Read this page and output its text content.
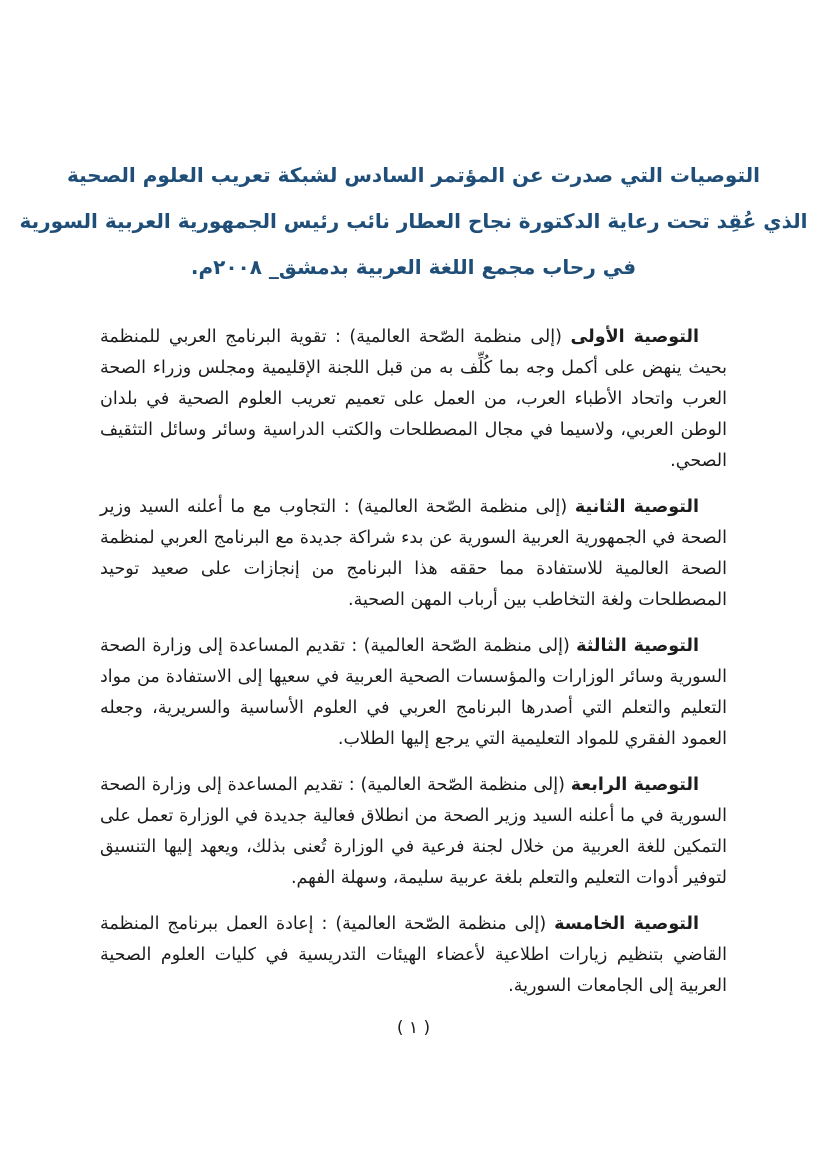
التوصيات التي صدرت عن المؤتمر السادس لشبكة تعريب العلوم الصحية
الذي عُقِد تحت رعاية الدكتورة نجاح العطار نائب رئيس الجمهورية العربية السورية
في رحاب مجمع اللغة العربية بدمشق_ ٢٠٠٨م.

التوصية الأولى (إلى منظمة الصّحة العالمية) : تقوية البرنامج العربي للمنظمة بحيث ينهض على أكمل وجه بما كُلِّف به من قبل اللجنة الإقليمية ومجلس وزراء الصحة العرب واتحاد الأطباء العرب، من العمل على تعميم تعريب العلوم الصحية في بلدان الوطن العربي، ولاسيما في مجال المصطلحات والكتب الدراسية وسائر وسائل التثقيف الصحي.

التوصية الثانية (إلى منظمة الصّحة العالمية) : التجاوب مع ما أعلنه السيد وزير الصحة في الجمهورية العربية السورية عن بدء شراكة جديدة مع البرنامج العربي لمنظمة الصحة العالمية للاستفادة مما حققه هذا البرنامج من إنجازات على صعيد توحيد المصطلحات ولغة التخاطب بين أرباب المهن الصحية.

التوصية الثالثة (إلى منظمة الصّحة العالمية) : تقديم المساعدة إلى وزارة الصحة السورية وسائر الوزارات والمؤسسات الصحية العربية في سعيها إلى الاستفادة من مواد التعليم والتعلم التي أصدرها البرنامج العربي في العلوم الأساسية والسريرية، وجعله العمود الفقري للمواد التعليمية التي يرجع إليها الطلاب.

التوصية الرابعة (إلى منظمة الصّحة العالمية) : تقديم المساعدة إلى وزارة الصحة السورية في ما أعلنه السيد وزير الصحة من انطلاق فعالية جديدة في الوزارة تعمل على التمكين للغة العربية من خلال لجنة فرعية في الوزارة تُعنى بذلك، ويعهد إليها التنسيق لتوفير أدوات التعليم والتعلم بلغة عربية سليمة، وسهلة الفهم.

التوصية الخامسة (إلى منظمة الصّحة العالمية) : إعادة العمل ببرنامج المنظمة القاضي بتنظيم زيارات اطلاعية لأعضاء الهيئات التدريسية في كليات العلوم الصحية العربية إلى الجامعات السورية.

( ١ )
